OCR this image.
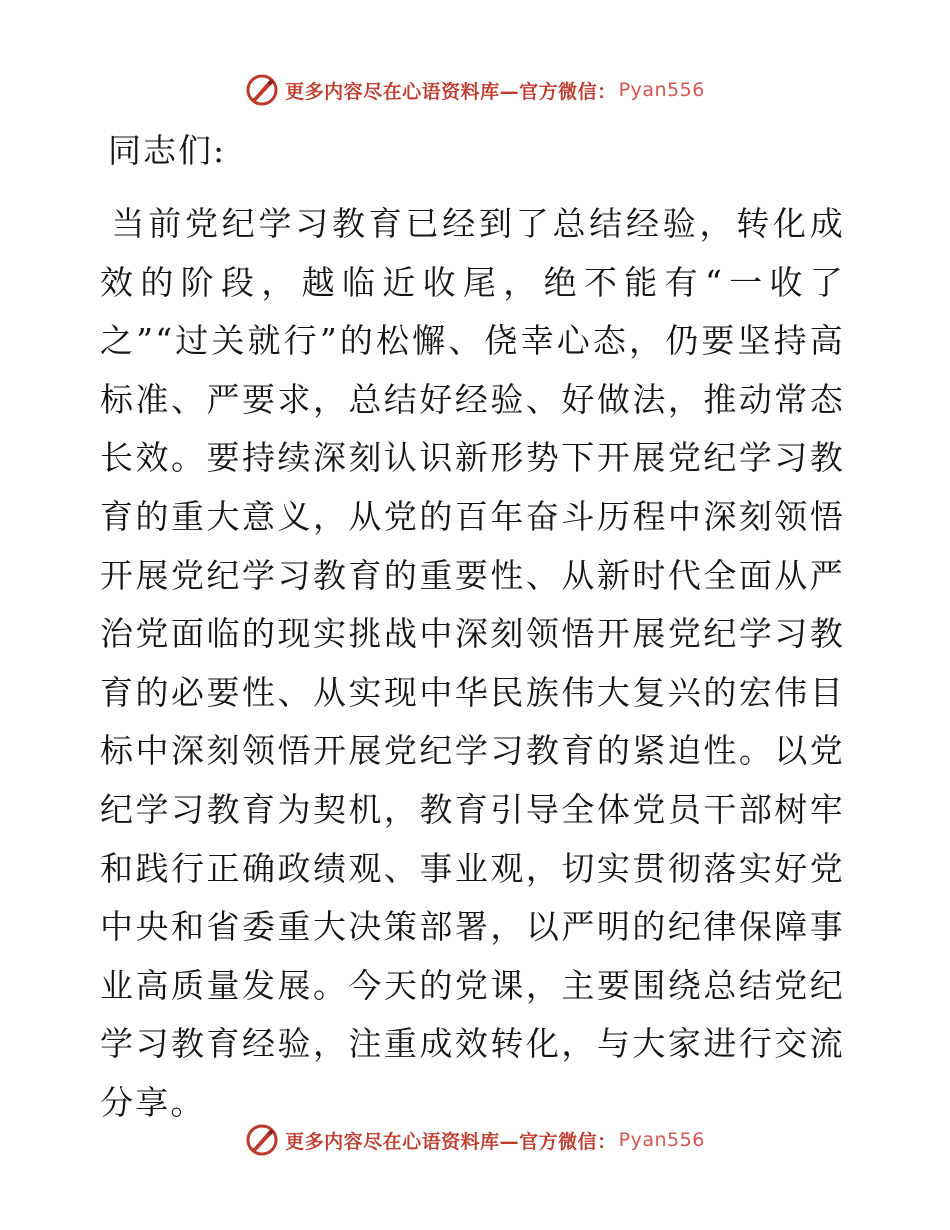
更多内容尽在心语资料库—官方微信： Pyan556
同志们:

当前党纪学习教育已经到了总结经验，转化成效的阶段，越临近收尾，绝不能有“一收了之”“过关就行”的松懈、侥幸心态，仍要坚持高标准、严要求，总结好经验、好做法，推动常态长效。要持续深刻认识新形势下开展党纪学习教育的重大意义，从党的百年奋斗历程中深刻领悟开展党纪学习教育的重要性、从新时代全面从严治党面临的现实挑战中深刻领悟开展党纪学习教育的必要性、从实现中华民族伟大复兴的宏伟目标中深刻领悟开展党纪学习教育的紧迫性。以党纪学习教育为契机，教育引导全体党员干部树牢和践行正确政绩观、事业观，切实贯彻落实好党中央和省委重大决策部署，以严明的纪律保障事业高质量发展。今天的党课，主要围绕总结党纪学习教育经验，注重成效转化，与大家进行交流分享。

更多内容尽在心语资料库—官方微信： Pyan556
